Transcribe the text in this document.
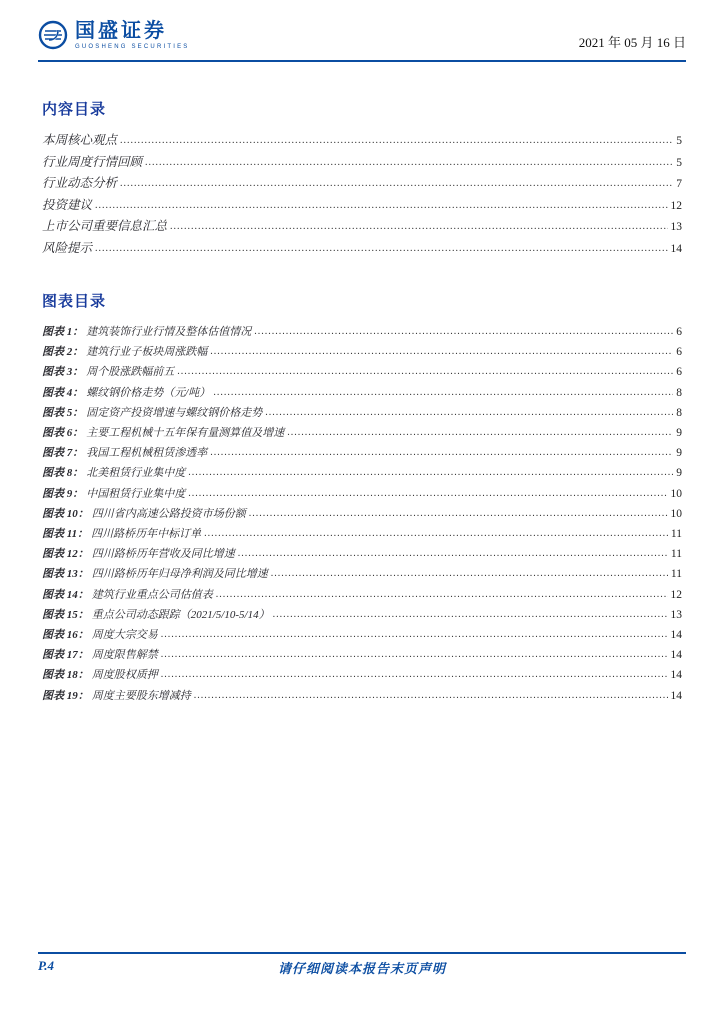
国盛证券
GUOSHENG SECURITIES	2021 年 05 月 16 日
内容目录
本周核心观点 .....	5
行业周度行情回顾 .....	5
行业动态分析 .....	7
投资建议 .....	12
上市公司重要信息汇总 .....	13
风险提示 .....	14
图表目录
图表 1： 建筑装饰行业行情及整体估值情况 .....	6
图表 2： 建筑行业子板块周涨跌幅 .....	6
图表 3： 周个股涨跌幅前五 .....	6
图表 4： 螺纹钢价格走势（元/吨） .....	8
图表 5： 固定资产投资增速与螺纹钢价格走势 .....	8
图表 6： 主要工程机械十五年保有量测算值及增速 .....	9
图表 7： 我国工程机械租赁渗透率 .....	9
图表 8： 北美租赁行业集中度 .....	9
图表 9： 中国租赁行业集中度 .....	10
图表 10： 四川省内高速公路投资市场份额 .....	10
图表 11： 四川路桥历年中标订单 .....	11
图表 12： 四川路桥历年营收及同比增速 .....	11
图表 13： 四川路桥历年归母净利润及同比增速 .....	11
图表 14： 建筑行业重点公司估值表 .....	12
图表 15： 重点公司动态跟踪（2021/5/10-5/14） .....	13
图表 16： 周度大宗交易 .....	14
图表 17： 周度限售解禁 .....	14
图表 18： 周度股权质押 .....	14
图表 19： 周度主要股东增减持 .....	14
P.4	请仔细阅读本报告末页声明
